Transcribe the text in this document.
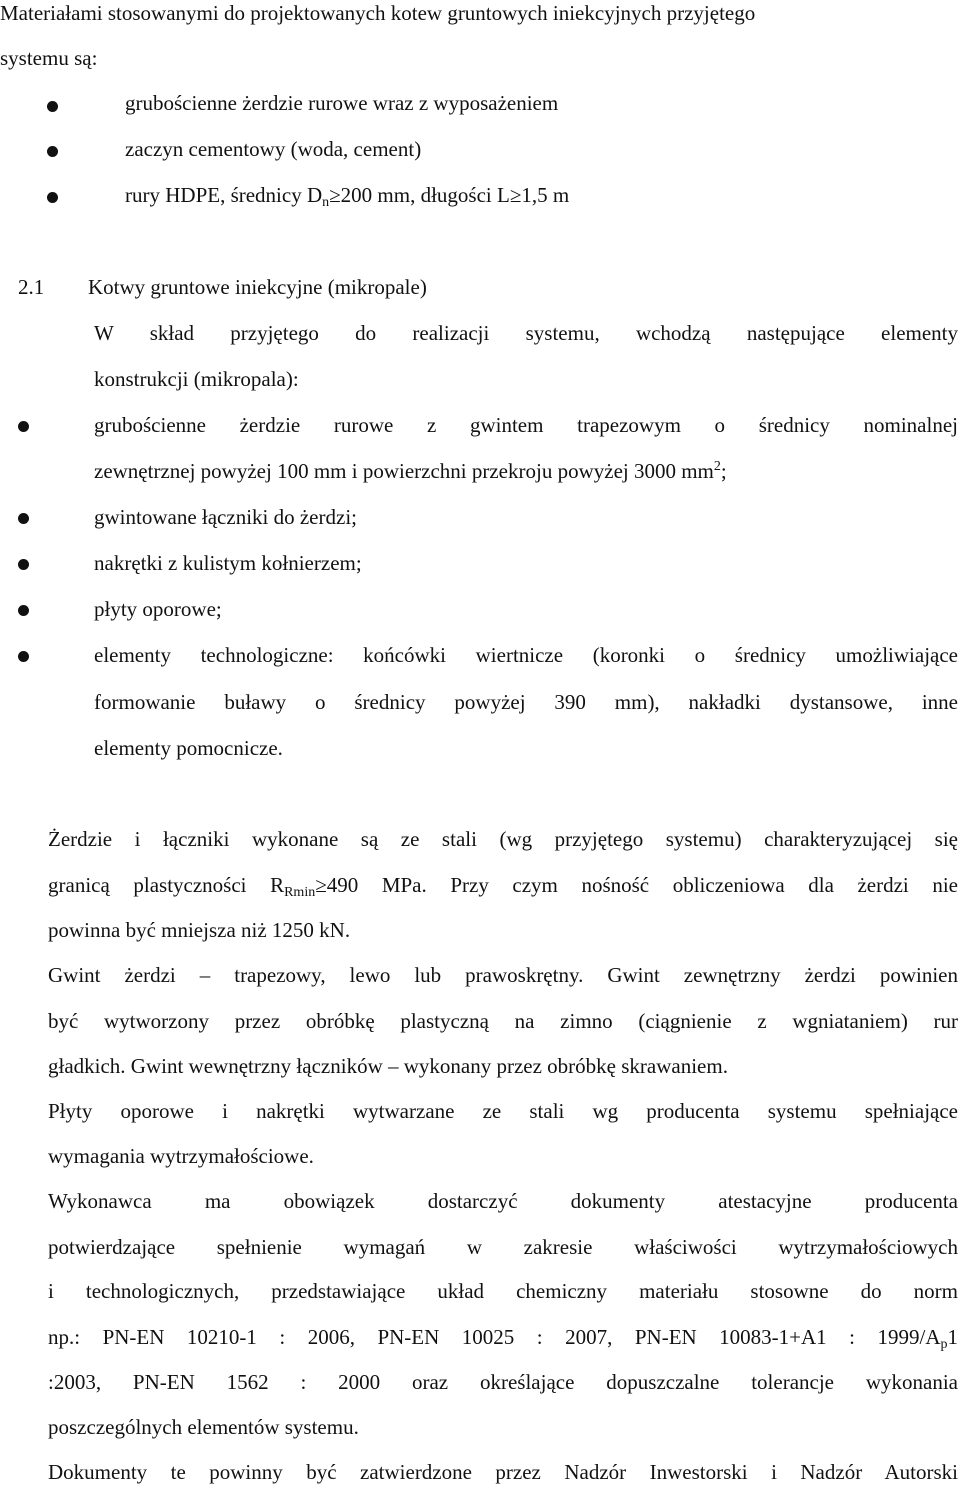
Materiałami stosowanymi do projektowanych kotew gruntowych iniekcyjnych przyjętego
systemu są:
grubościenne żerdzie rurowe wraz z wyposażeniem
zaczyn cementowy (woda, cement)
rury HDPE, średnicy $D_n\ge 200$ mm, długości L≥1,5 m
2.1 Kotwy gruntowe iniekcyjne (mikropale)
W skład przyjętego do realizacji systemu, wchodzą następujące elementy
konstrukcji (mikropala):
grubościenne żerdzie rurowe z gwintem trapezowym o średnicy nominalnej
zewnętrznej powyżej 100 mm i powierzchni przekroju powyżej 3000 $mm^2$;
gwintowane łączniki do żerdzi;
nakrętki z kulistym kołnierzem;
płyty oporowe;
elementy technologiczne: końcówki wiertnicze (koronki o średnicy umożliwiające
formowanie buławy o średnicy powyżej 390 mm), nakładki dystansowe, inne
elementy pomocnicze.
Żerdzie i łączniki wykonane są ze stali (wg przyjętego systemu) charakteryzującej się
granicą plastyczności $R_{Rmin}\ge 490$ MPa. Przy czym nośność obliczeniowa dla żerdzi nie
powinna być mniejsza niż 1250 kN.
Gwint żerdzi – trapezowy, lewo lub prawoskrętny. Gwint zewnętrzny żerdzi powinien
być wytworzony przez obróbkę plastyczną na zimno (ciągnienie z wgniataniem) rur
gładkich. Gwint wewnętrzny łączników – wykonany przez obróbkę skrawaniem.
Płyty oporowe i nakrętki wytwarzane ze stali wg producenta systemu spełniające
wymagania wytrzymałościowe.
Wykonawca ma obowiązek dostarczyć dokumenty atestacyjne producenta
potwierdzające spełnienie wymagań w zakresie właściwości wytrzymałościowych
i technologicznych, przedstawiające układ chemiczny materiału stosowne do norm
np.: PN-EN 10210-1 : 2006, PN-EN 10025 : 2007, PN-EN 10083-1+A1 : $1999/A_p1$
:2003, PN-EN 1562 : 2000 oraz określające dopuszczalne tolerancje wykonania
poszczególnych elementów systemu.
Dokumenty te powinny być zatwierdzone przez Nadzór Inwestorski i Nadzór Autorski
